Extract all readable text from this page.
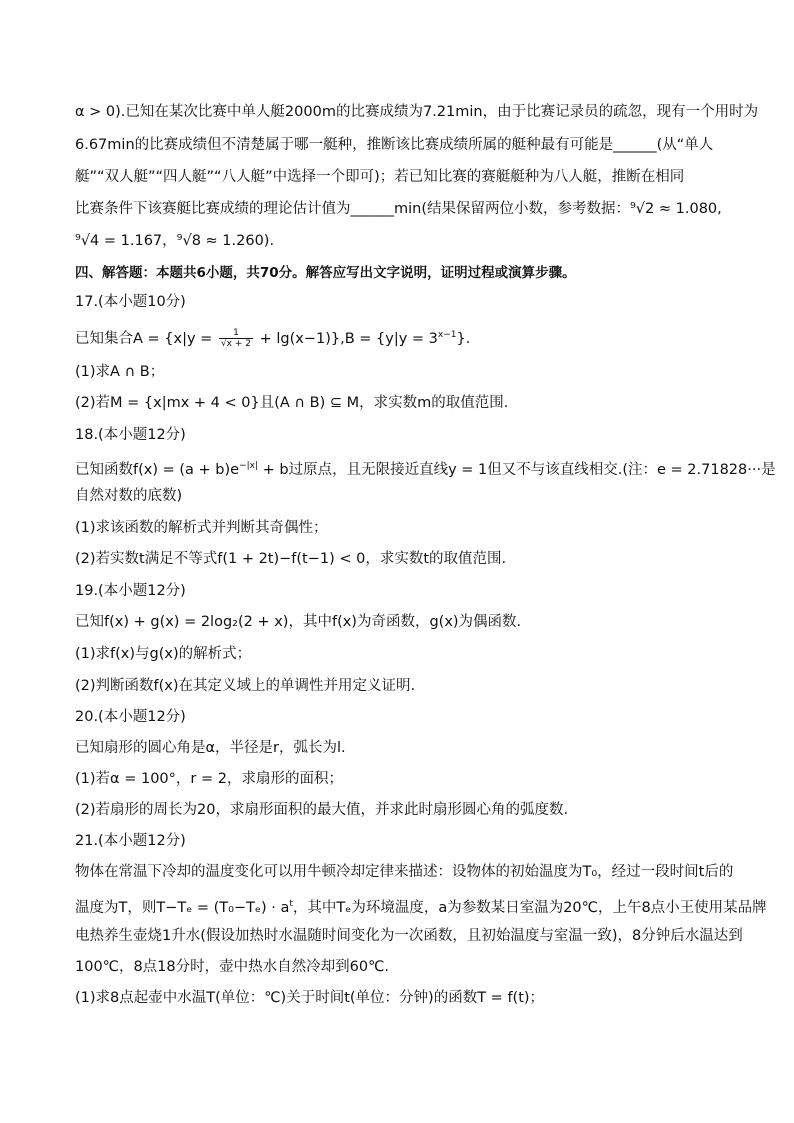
α > 0).已知在某次比赛中单人艇2000m的比赛成绩为7.21min，由于比赛记录员的疏忽，现有一个用时为
6.67min的比赛成绩但不清楚属于哪一艇种，推断该比赛成绩所属的艇种最有可能是______(从“单人
艇”“双人艇”“四人艇”“八人艇”中选择一个即可)；若已知比赛的赛艇艇种为八人艇，推断在相同
比赛条件下该赛艇比赛成绩的理论估计值为______min(结果保留两位小数，参考数据：⁹√2 ≈ 1.080,
⁹√4 = 1.167，⁹√8 ≈ 1.260).
四、解答题：本题共6小题，共70分。解答应写出文字说明，证明过程或演算步骤。
17.(本小题10分)
已知集合$A = \{x|y = \frac{1}{√x + 2} + \lg(x-1)\},B = \{y|y = 3^{x-1}\}$.
(1)求A ∩ B；
(2)若M = {x|mx + 4 < 0}且(A ∩ B) ⊆ M，求实数m的取值范围.
18.(本小题12分)
已知函数$f(x) = (a + b)e^{-|x|} + b$过原点，且无限接近直线y = 1但又不与该直线相交.(注：e = 2.71828···是
自然对数的底数)
(1)求该函数的解析式并判断其奇偶性；
(2)若实数t满足不等式f(1 + 2t)−f(t−1) < 0，求实数t的取值范围.
19.(本小题12分)
已知f(x) + g(x) = 2log₂(2 + x)，其中f(x)为奇函数，g(x)为偶函数.
(1)求f(x)与g(x)的解析式；
(2)判断函数f(x)在其定义域上的单调性并用定义证明.
20.(本小题12分)
已知扇形的圆心角是α，半径是r，弧长为l.
(1)若α = 100°，r = 2，求扇形的面积；
(2)若扇形的周长为20，求扇形面积的最大值，并求此时扇形圆心角的弧度数.
21.(本小题12分)
物体在常温下冷却的温度变化可以用牛顿冷却定律来描述：设物体的初始温度为T₀，经过一段时间t后的
温度为T，则$T-T_e = (T_0-T_e) \cdot a^t$，其中Tₑ为环境温度，a为参数某日室温为20℃，上午8点小王使用某品牌
电热养生壶烧1升水(假设加热时水温随时间变化为一次函数，且初始温度与室温一致)，8分钟后水温达到
100℃，8点18分时，壶中热水自然冷却到60℃.
(1)求8点起壶中水温T(单位：℃)关于时间t(单位：分钟)的函数T = f(t)；
